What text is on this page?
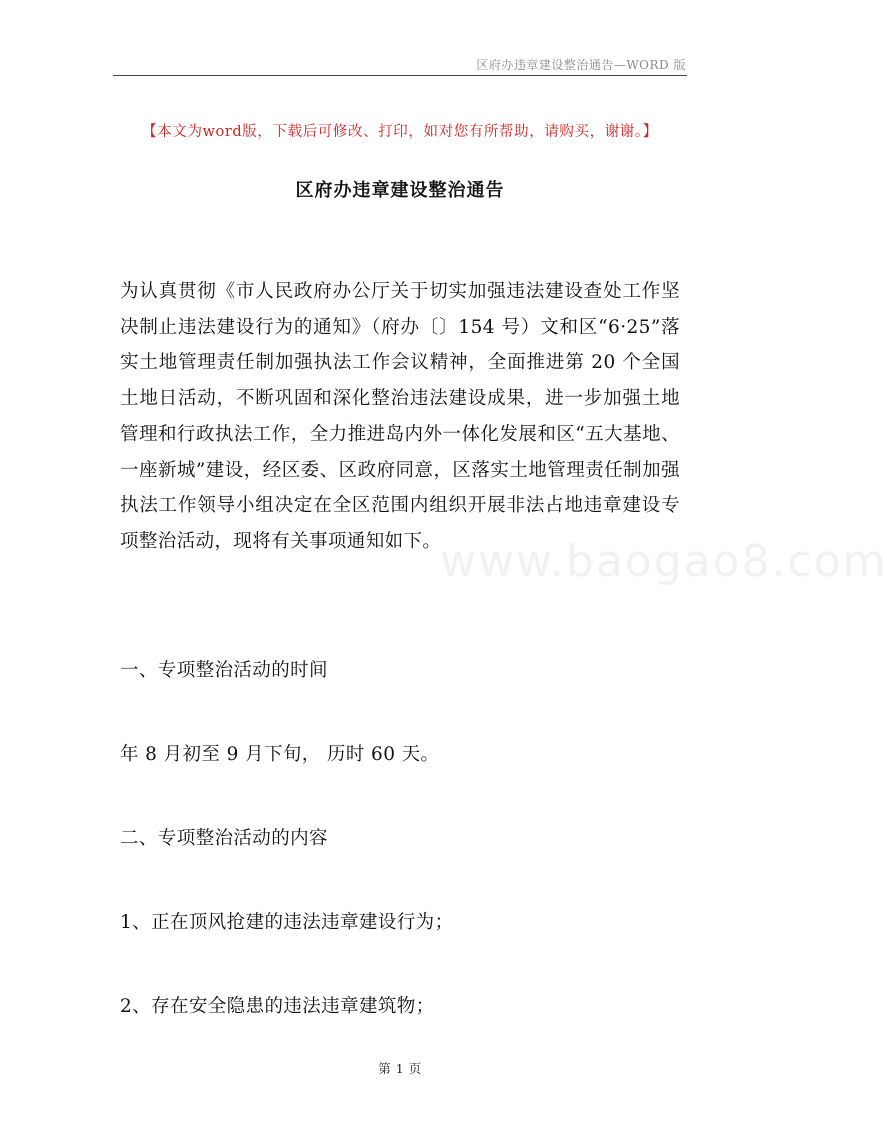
区府办违章建设整治通告—WORD 版
【本文为word版，下载后可修改、打印，如对您有所帮助，请购买，谢谢。】
区府办违章建设整治通告
为认真贯彻《市人民政府办公厅关于切实加强违法建设查处工作坚决制止违法建设行为的通知》（府办〔〕154 号）文和区“6·25”落实土地管理责任制加强执法工作会议精神，全面推进第 20 个全国土地日活动，不断巩固和深化整治违法建设成果，进一步加强土地管理和行政执法工作，全力推进岛内外一体化发展和区“五大基地、一座新城”建设，经区委、区政府同意，区落实土地管理责任制加强执法工作领导小组决定在全区范围内组织开展非法占地违章建设专项整治活动，现将有关事项通知如下。
www.baogao8.com
一、专项整治活动的时间
年 8 月初至 9 月下旬， 历时 60 天。
二、专项整治活动的内容
1、正在顶风抢建的违法违章建设行为；
2、存在安全隐患的违法违章建筑物；
第 1 页
